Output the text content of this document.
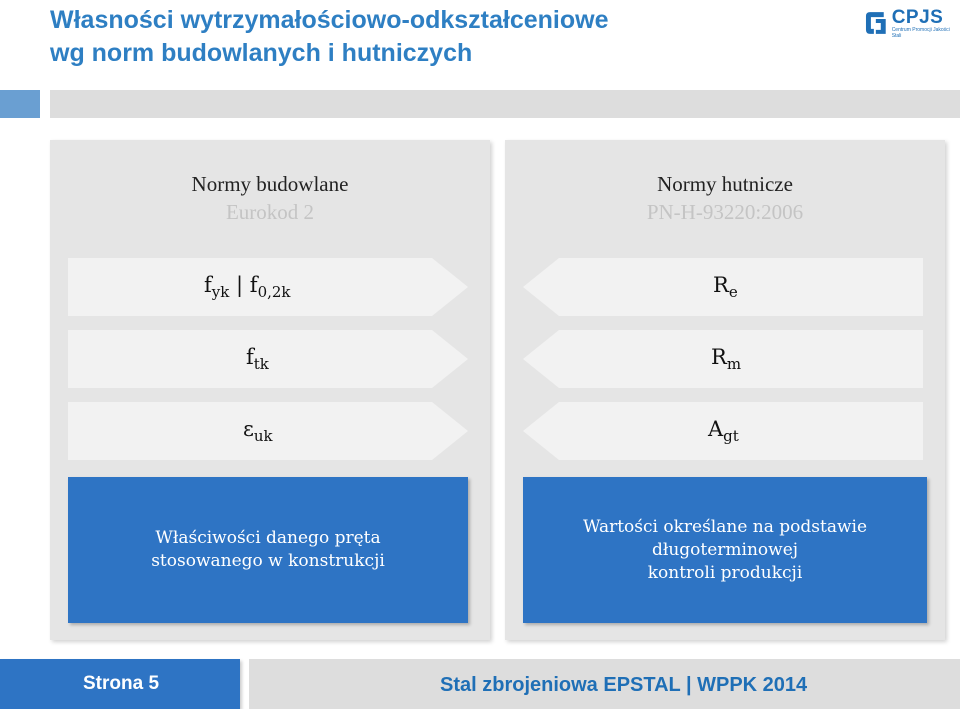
Własności wytrzymałościowo-odkształceniowe
wg norm budowlanych i hutniczych
CPJS
Centrum Promocji Jakości Stali
Normy budowlane
Eurokod 2
$f_{yk}$ | $f_{0,2k}$
$f_{tk}$
$\varepsilon_{uk}$
Właściwości danego pręta
stosowanego w konstrukcji
Normy hutnicze
PN-H-93220:2006
$R_e$
$R_m$
$A_{gt}$
Wartości określane na podstawie
długoterminowej
kontroli produkcji
Strona 5	Stal zbrojeniowa EPSTAL | WPPK 2014
